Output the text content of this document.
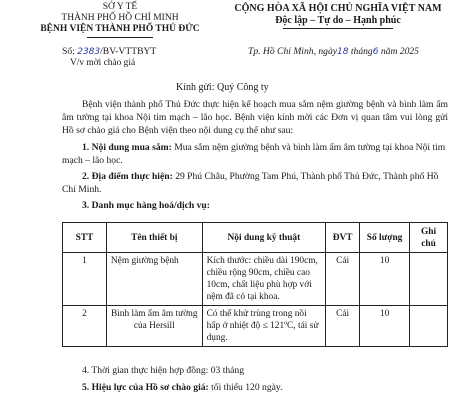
SỞ Y TẾ
THÀNH PHỐ HỒ CHÍ MINH
BỆNH VIỆN THÀNH PHỐ THỦ ĐỨC
CỘNG HÒA XÃ HỘI CHỦ NGHĨA VIỆT NAM
Độc lập – Tự do – Hạnh phúc
Số: 2383/BV-VTTBYT
V/v mời chào giá
Tp. Hồ Chí Minh, ngày18 tháng6 năm 2025
Kính gửi: Quý Công ty
Bệnh viện thành phố Thủ Đức thực hiện kế hoạch mua sắm nệm giường bệnh và bình làm ẩm âm tường tại khoa Nội tim mạch – lão học. Bệnh viện kính mời các Đơn vị quan tâm vui lòng gửi Hồ sơ chào giá cho Bệnh viện theo nội dung cụ thể như sau:
1. Nội dung mua sắm: Mua sắm nệm giường bệnh và bình làm ẩm âm tường tại khoa Nội tim mạch – lão học.
2. Địa điểm thực hiện: 29 Phú Châu, Phường Tam Phú, Thành phố Thủ Đức, Thành phố Hồ Chí Minh.
3. Danh mục hàng hoá/dịch vụ:
STT	Tên thiết bị	Nội dung kỹ thuật	ĐVT	Số lượng	Ghi chú
1	Nệm giường bệnh	Kích thước: chiều dài 190cm, chiều rộng 90cm, chiều cao 10cm, chất liệu phù hợp với nệm đã có tại khoa.	Cái	10	
2	Bình làm ẩm âm tường của Hersill	Có thể khử trùng trong nồi hấp ở nhiệt độ ≤ 121ºC, tái sử dụng.	Cái	10	
4. Thời gian thực hiện hợp đồng: 03 tháng
5. Hiệu lực của Hồ sơ chào giá: tối thiểu 120 ngày.
